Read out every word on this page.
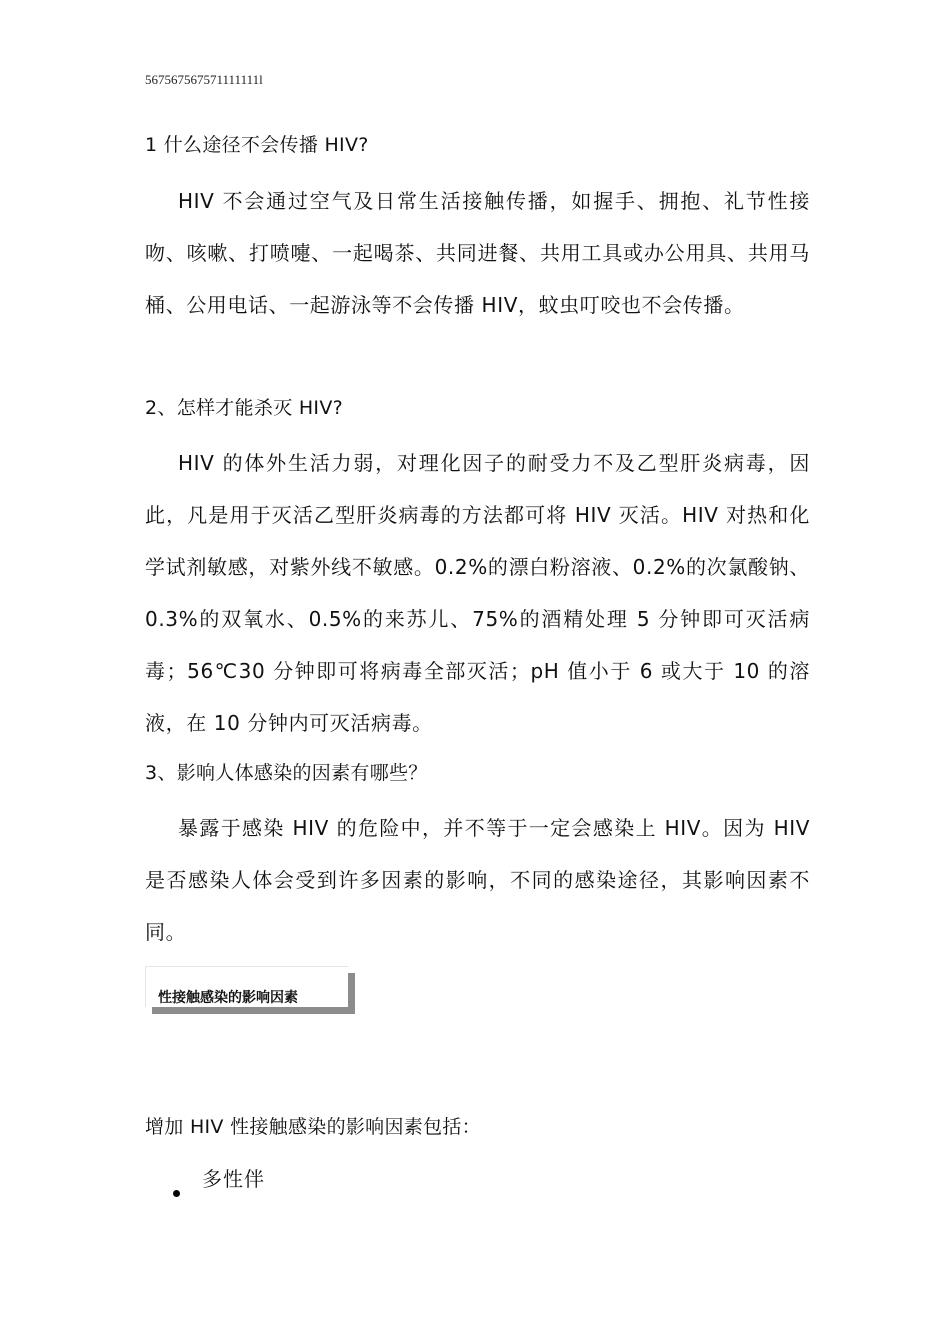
567567567571111111l
1 什么途径不会传播 HIV?
HIV 不会通过空气及日常生活接触传播，如握手、拥抱、礼节性接吻、咳嗽、打喷嚏、一起喝茶、共同进餐、共用工具或办公用具、共用马桶、公用电话、一起游泳等不会传播 HIV，蚊虫叮咬也不会传播。
2、怎样才能杀灭 HIV?
HIV 的体外生活力弱，对理化因子的耐受力不及乙型肝炎病毒，因此，凡是用于灭活乙型肝炎病毒的方法都可将 HIV 灭活。HIV 对热和化学试剂敏感，对紫外线不敏感。0.2%的漂白粉溶液、0.2%的次氯酸钠、0.3%的双氧水、0.5%的来苏儿、75%的酒精处理 5 分钟即可灭活病毒；56℃30 分钟即可将病毒全部灭活；pH 值小于 6 或大于 10 的溶液，在 10 分钟内可灭活病毒。
3、影响人体感染的因素有哪些？
暴露于感染 HIV 的危险中，并不等于一定会感染上 HIV。因为 HIV 是否感染人体会受到许多因素的影响，不同的感染途径，其影响因素不同。
性接触感染的影响因素
增加 HIV 性接触感染的影响因素包括：
多性伴
